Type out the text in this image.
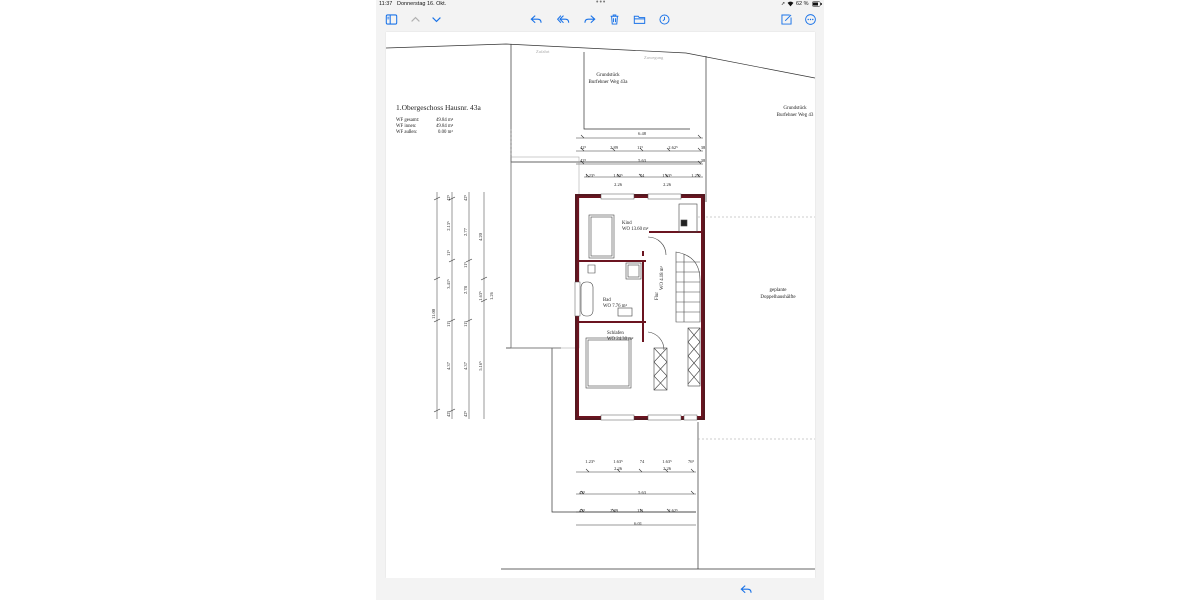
11:37 Donnerstag 16. Okt.	•••	➚ 62 %
1.Obergeschoss Hausnr. 43a
WF gesamt:	49.84 m²
WF innen:	49.84 m²
WF außen:	0.00 m²
Zufahrt
Zuwegung
Grundstück
Burfehner Weg 43a
Grundstück
Burfehner Weg 43
geplante
Doppelhaushälfte
Kind
WO 13.60 m²
Bad
WO 7.76 m²
Schlafen
WO 24.30 m²
Flur
WO 4.18 m²
6.48
42⁵	2.89	11⁵	2.62⁵	38
42⁵	5.63	38
1.23⁵	1.63⁵	74	1.63⁵	1.23⁵
2.26	2.26
1.23⁵	1.63⁵	74	1.63⁵	76⁵
2.26	2.26
42⁵	5.63
42⁵	2.89	11⁵	2.62⁵
6.01
11.00
42⁵
2.13⁵
11⁵
3.41⁵
11⁵
4.37
42⁵
42⁵
2.77
11⁵
2.78
11⁵
4.37
42⁵
4.20
1.63⁵
5.16⁵
1.26
